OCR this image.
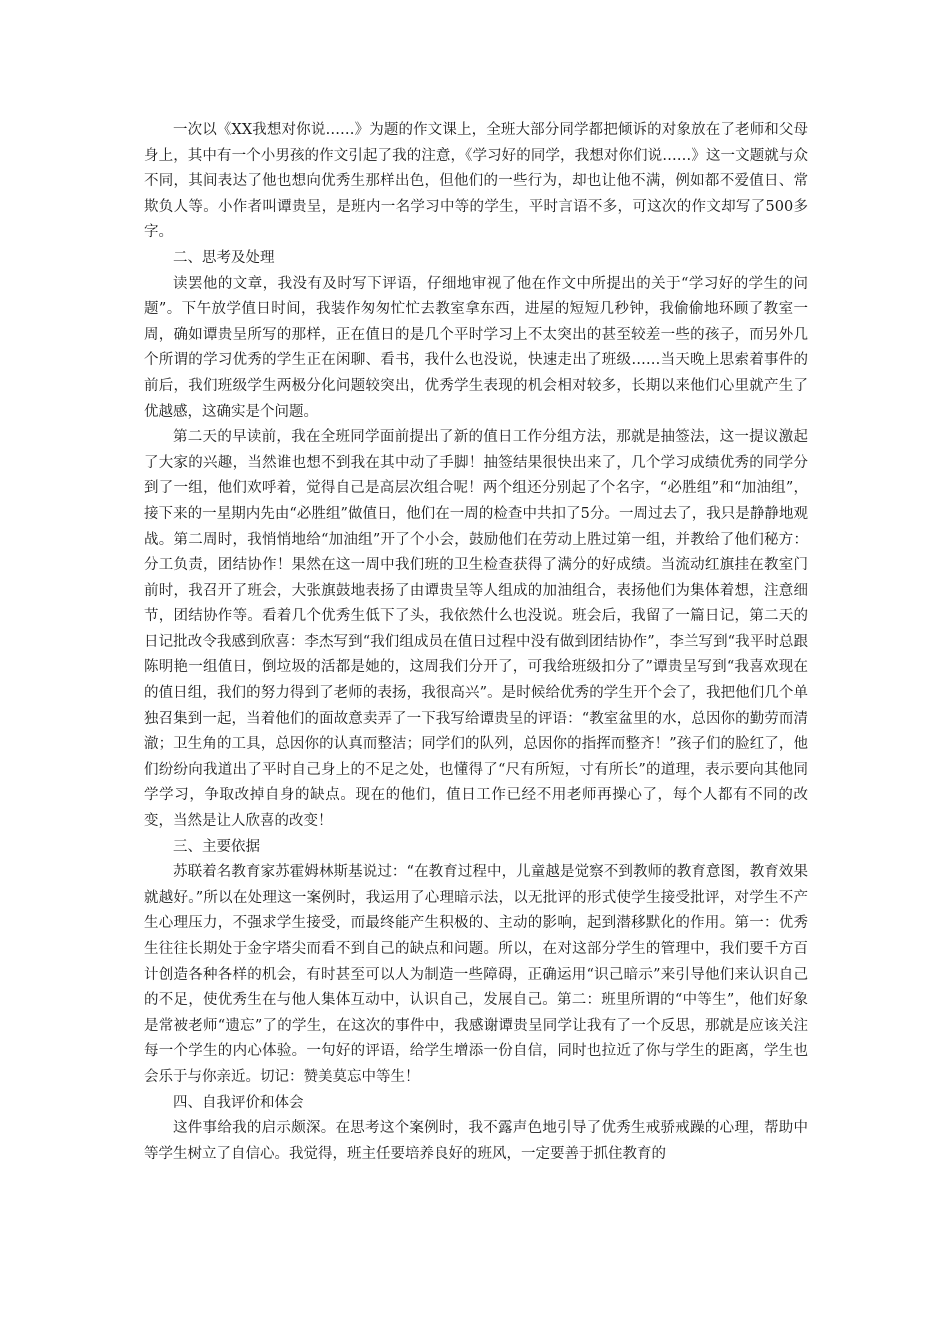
一次以《XX我想对你说……》为题的作文课上，全班大部分同学都把倾诉的对象放在了老师和父母身上，其中有一个小男孩的作文引起了我的注意，《学习好的同学，我想对你们说……》这一文题就与众不同，其间表达了他也想向优秀生那样出色，但他们的一些行为，却也让他不满，例如都不爱值日、常欺负人等。小作者叫谭贵呈，是班内一名学习中等的学生，平时言语不多，可这次的作文却写了500多字。

二、思考及处理

读罢他的文章，我没有及时写下评语，仔细地审视了他在作文中所提出的关于“学习好的学生的问题”。下午放学值日时间，我装作匆匆忙忙去教室拿东西，进屋的短短几秒钟，我偷偷地环顾了教室一周，确如谭贵呈所写的那样，正在值日的是几个平时学习上不太突出的甚至较差一些的孩子，而另外几个所谓的学习优秀的学生正在闲聊、看书，我什么也没说，快速走出了班级……当天晚上思索着事件的前后，我们班级学生两极分化问题较突出，优秀学生表现的机会相对较多，长期以来他们心里就产生了优越感，这确实是个问题。

第二天的早读前，我在全班同学面前提出了新的值日工作分组方法，那就是抽签法，这一提议激起了大家的兴趣，当然谁也想不到我在其中动了手脚！抽签结果很快出来了，几个学习成绩优秀的同学分到了一组，他们欢呼着，觉得自己是高层次组合呢！两个组还分别起了个名字，“必胜组”和“加油组”，接下来的一星期内先由“必胜组”做值日，他们在一周的检查中共扣了5分。一周过去了，我只是静静地观战。第二周时，我悄悄地给“加油组”开了个小会，鼓励他们在劳动上胜过第一组，并教给了他们秘方：分工负责，团结协作！果然在这一周中我们班的卫生检查获得了满分的好成绩。当流动红旗挂在教室门前时，我召开了班会，大张旗鼓地表扬了由谭贵呈等人组成的加油组合，表扬他们为集体着想，注意细节，团结协作等。看着几个优秀生低下了头，我依然什么也没说。班会后，我留了一篇日记，第二天的日记批改令我感到欣喜：李杰写到“我们组成员在值日过程中没有做到团结协作”，李兰写到“我平时总跟陈明艳一组值日，倒垃圾的活都是她的，这周我们分开了，可我给班级扣分了”谭贵呈写到“我喜欢现在的值日组，我们的努力得到了老师的表扬，我很高兴”。是时候给优秀的学生开个会了，我把他们几个单独召集到一起，当着他们的面故意卖弄了一下我写给谭贵呈的评语：“教室盆里的水，总因你的勤劳而清澈；卫生角的工具，总因你的认真而整洁；同学们的队列，总因你的指挥而整齐！”孩子们的脸红了，他们纷纷向我道出了平时自己身上的不足之处，也懂得了“尺有所短，寸有所长”的道理，表示要向其他同学学习，争取改掉自身的缺点。现在的他们，值日工作已经不用老师再操心了，每个人都有不同的改变，当然是让人欣喜的改变！

三、主要依据

苏联着名教育家苏霍姆林斯基说过：“在教育过程中，儿童越是觉察不到教师的教育意图，教育效果就越好。”所以在处理这一案例时，我运用了心理暗示法，以无批评的形式使学生接受批评，对学生不产生心理压力，不强求学生接受，而最终能产生积极的、主动的影响，起到潜移默化的作用。第一：优秀生往往长期处于金字塔尖而看不到自己的缺点和问题。所以，在对这部分学生的管理中，我们要千方百计创造各种各样的机会，有时甚至可以人为制造一些障碍，正确运用“识己暗示”来引导他们来认识自己的不足，使优秀生在与他人集体互动中，认识自己，发展自己。第二：班里所谓的“中等生”，他们好象是常被老师“遗忘”了的学生，在这次的事件中，我感谢谭贵呈同学让我有了一个反思，那就是应该关注每一个学生的内心体验。一句好的评语，给学生增添一份自信，同时也拉近了你与学生的距离，学生也会乐于与你亲近。切记：赞美莫忘中等生！

四、自我评价和体会

这件事给我的启示颇深。在思考这个案例时，我不露声色地引导了优秀生戒骄戒躁的心理，帮助中等学生树立了自信心。我觉得，班主任要培养良好的班风，一定要善于抓住教育的
